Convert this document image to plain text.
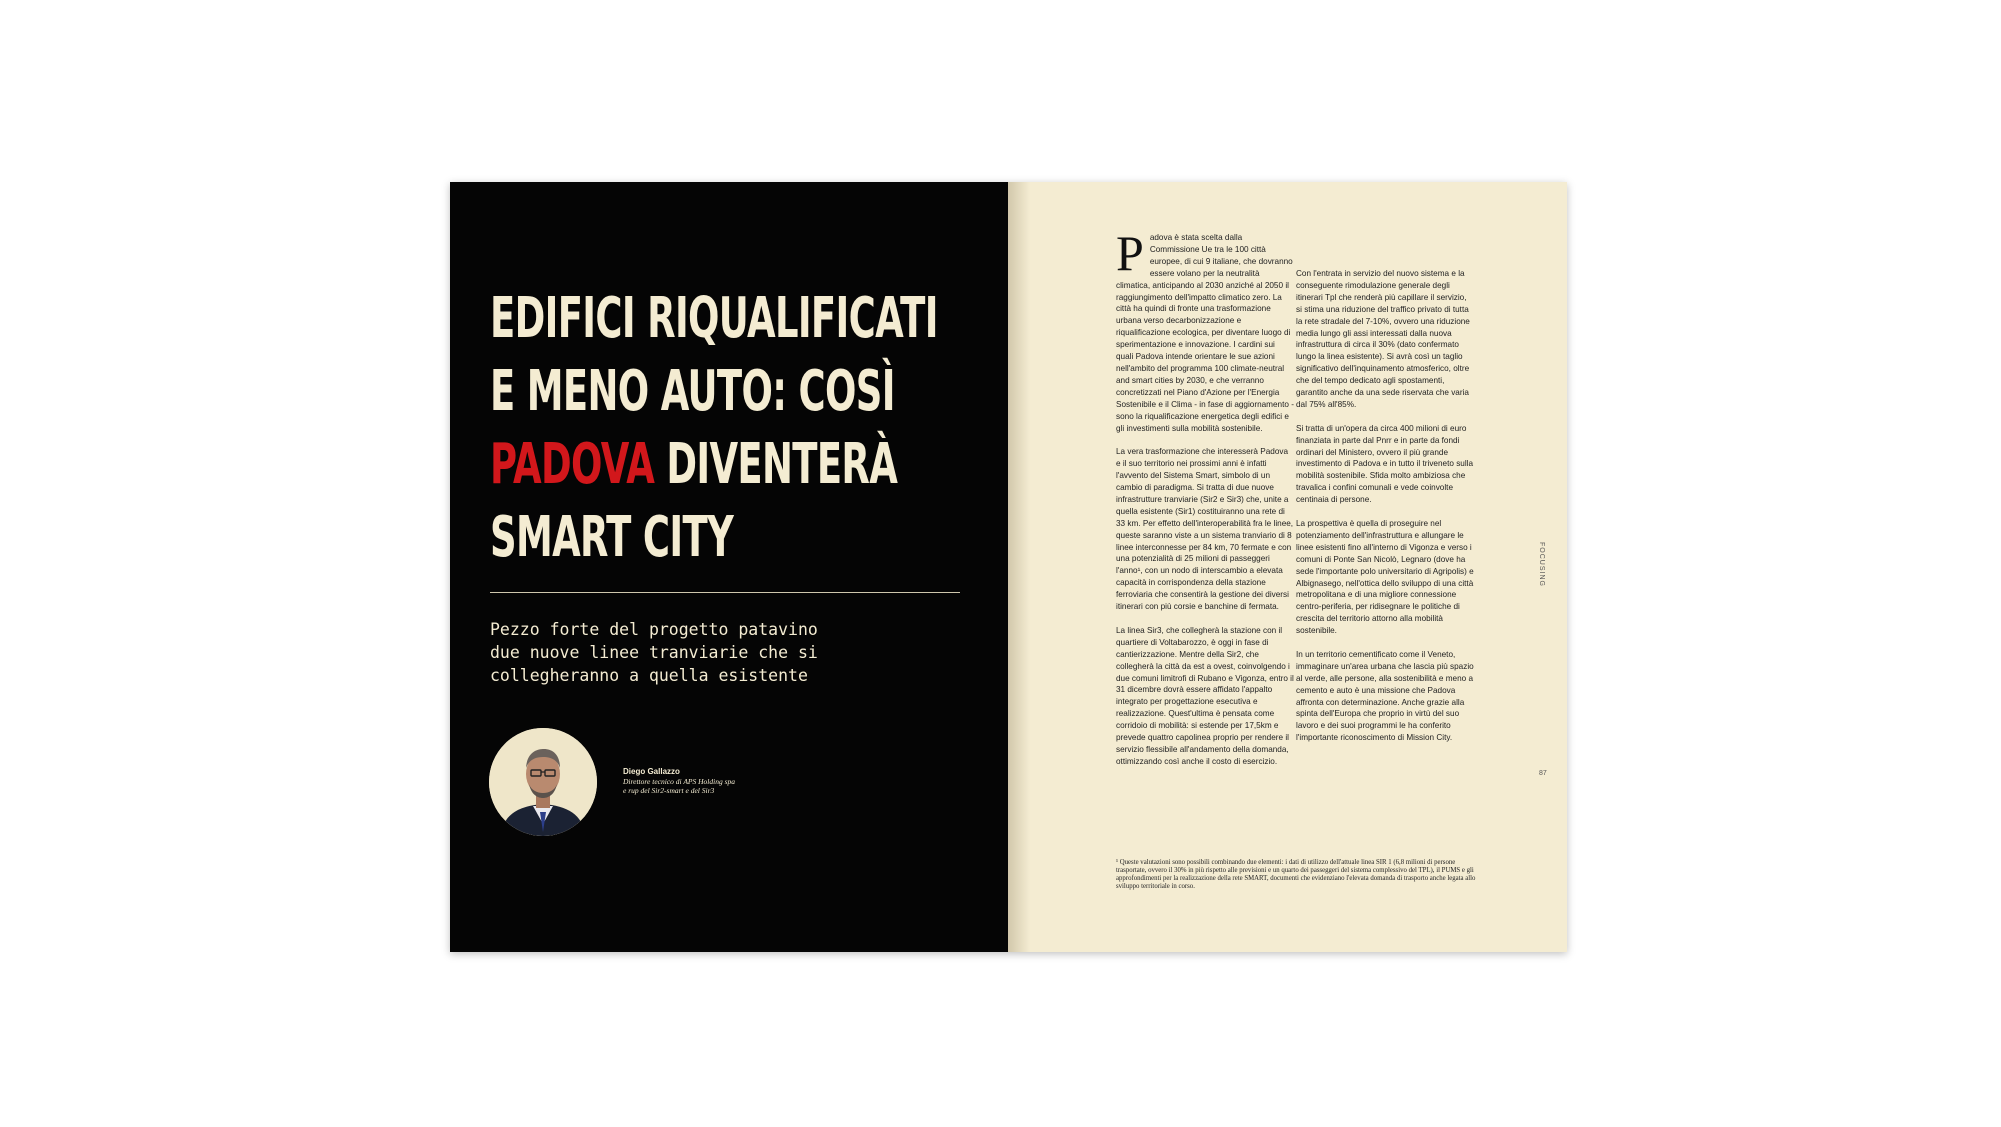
EDIFICI RIQUALIFICATI
E MENO AUTO: COSÌ
PADOVA DIVENTERÀ
SMART CITY

Pezzo forte del progetto patavino
due nuove linee tranviarie che si
collegheranno a quella esistente

Diego Gallazzo
Direttore tecnico di APS Holding spa
e rup del Sir2-smart e del Sir3

Padova è stata scelta dalla Commissione Ue tra le 100 città europee, di cui 9 italiane, che dovranno essere volano per la neutralità climatica, anticipando al 2030 anziché al 2050 il raggiungimento dell'impatto climatico zero. La città ha quindi di fronte una trasformazione urbana verso decarbonizzazione e riqualificazione ecologica, per diventare luogo di sperimentazione e innovazione. I cardini sui quali Padova intende orientare le sue azioni nell'ambito del programma 100 climate-neutral and smart cities by 2030, e che verranno concretizzati nel Piano d'Azione per l'Energia Sostenibile e il Clima - in fase di aggiornamento - sono la riqualificazione energetica degli edifici e gli investimenti sulla mobilità sostenibile.

La vera trasformazione che interesserà Padova e il suo territorio nei prossimi anni è infatti l'avvento del Sistema Smart, simbolo di un cambio di paradigma. Si tratta di due nuove infrastrutture tranviarie (Sir2 e Sir3) che, unite a quella esistente (Sir1) costituiranno una rete di 33 km. Per effetto dell'interoperabilità fra le linee, queste saranno viste a un sistema tranviario di 8 linee interconnesse per 84 km, 70 fermate e con una potenzialità di 25 milioni di passeggeri l'anno¹, con un nodo di interscambio a elevata capacità in corrispondenza della stazione ferroviaria che consentirà la gestione dei diversi itinerari con più corsie e banchine di fermata.

La linea Sir3, che collegherà la stazione con il quartiere di Voltabarozzo, è oggi in fase di cantierizzazione. Mentre della Sir2, che collegherà la città da est a ovest, coinvolgendo i due comuni limitrofi di Rubano e Vigonza, entro il 31 dicembre dovrà essere affidato l'appalto integrato per progettazione esecutiva e realizzazione. Quest'ultima è pensata come corridoio di mobilità: si estende per 17,5km e prevede quattro capolinea proprio per rendere il servizio flessibile all'andamento della domanda, ottimizzando così anche il costo di esercizio.

Con l'entrata in servizio del nuovo sistema e la conseguente rimodulazione generale degli itinerari Tpl che renderà più capillare il servizio, si stima una riduzione del traffico privato di tutta la rete stradale del 7-10%, ovvero una riduzione media lungo gli assi interessati dalla nuova infrastruttura di circa il 30% (dato confermato lungo la linea esistente). Si avrà così un taglio significativo dell'inquinamento atmosferico, oltre che del tempo dedicato agli spostamenti, garantito anche da una sede riservata che varia dal 75% all'85%.

Si tratta di un'opera da circa 400 milioni di euro finanziata in parte dal Pnrr e in parte da fondi ordinari del Ministero, ovvero il più grande investimento di Padova e in tutto il triveneto sulla mobilità sostenibile. Sfida molto ambiziosa che travalica i confini comunali e vede coinvolte centinaia di persone.

La prospettiva è quella di proseguire nel potenziamento dell'infrastruttura e allungare le linee esistenti fino all'interno di Vigonza e verso i comuni di Ponte San Nicolò, Legnaro (dove ha sede l'importante polo universitario di Agripolis) e Albignasego, nell'ottica dello sviluppo di una città metropolitana e di una migliore connessione centro-periferia, per ridisegnare le politiche di crescita del territorio attorno alla mobilità sostenibile.

In un territorio cementificato come il Veneto, immaginare un'area urbana che lascia più spazio al verde, alle persone, alla sostenibilità e meno a cemento e auto è una missione che Padova affronta con determinazione. Anche grazie alla spinta dell'Europa che proprio in virtù del suo lavoro e dei suoi programmi le ha conferito l'importante riconoscimento di Mission City.

¹ Queste valutazioni sono possibili combinando due elementi: i dati di utilizzo dell'attuale linea SIR 1 (6,8 milioni di persone trasportate, ovvero il 30% in più rispetto alle previsioni e un quarto dei passeggeri del sistema complessivo del TPL), il PUMS e gli approfondimenti per la realizzazione della rete SMART, documenti che evidenziano l'elevata domanda di trasporto anche legata allo sviluppo territoriale in corso.
FOCUSING
87
